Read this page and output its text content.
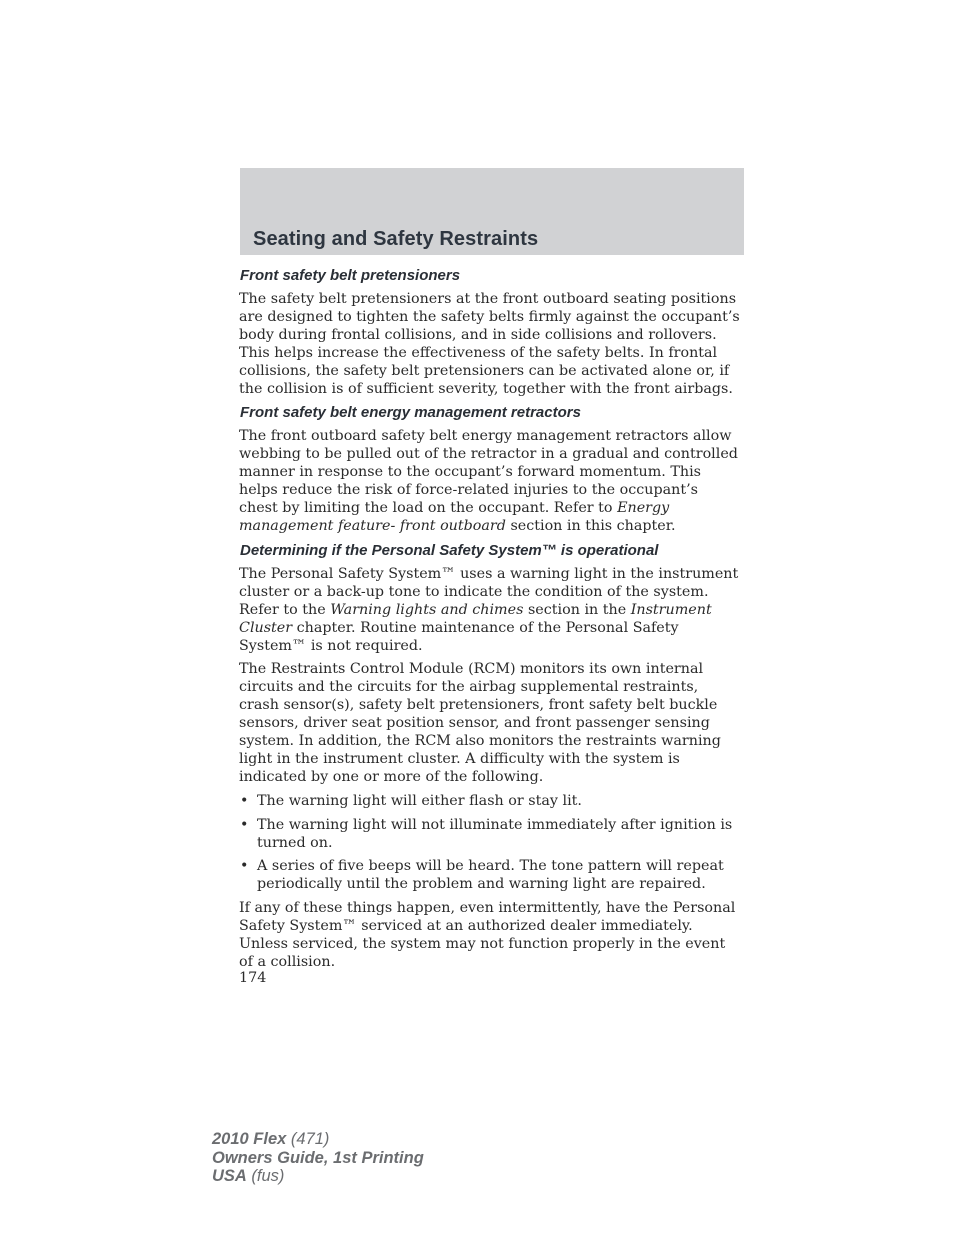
Seating and Safety Restraints
Front safety belt pretensioners

The safety belt pretensioners at the front outboard seating positions are designed to tighten the safety belts firmly against the occupant’s body during frontal collisions, and in side collisions and rollovers. This helps increase the effectiveness of the safety belts. In frontal collisions, the safety belt pretensioners can be activated alone or, if the collision is of sufficient severity, together with the front airbags.

Front safety belt energy management retractors

The front outboard safety belt energy management retractors allow webbing to be pulled out of the retractor in a gradual and controlled manner in response to the occupant’s forward momentum. This helps reduce the risk of force-related injuries to the occupant’s chest by limiting the load on the occupant. Refer to Energy management feature- front outboard section in this chapter.

Determining if the Personal Safety System™ is operational

The Personal Safety System™ uses a warning light in the instrument cluster or a back-up tone to indicate the condition of the system. Refer to the Warning lights and chimes section in the Instrument Cluster chapter. Routine maintenance of the Personal Safety System™ is not required.

The Restraints Control Module (RCM) monitors its own internal circuits and the circuits for the airbag supplemental restraints, crash sensor(s), safety belt pretensioners, front safety belt buckle sensors, driver seat position sensor, and front passenger sensing system. In addition, the RCM also monitors the restraints warning light in the instrument cluster. A difficulty with the system is indicated by one or more of the following.

• The warning light will either flash or stay lit.
• The warning light will not illuminate immediately after ignition is turned on.
• A series of five beeps will be heard. The tone pattern will repeat periodically until the problem and warning light are repaired.

If any of these things happen, even intermittently, have the Personal Safety System™ serviced at an authorized dealer immediately. Unless serviced, the system may not function properly in the event of a collision.

174
2010 Flex (471)
Owners Guide, 1st Printing
USA (fus)
